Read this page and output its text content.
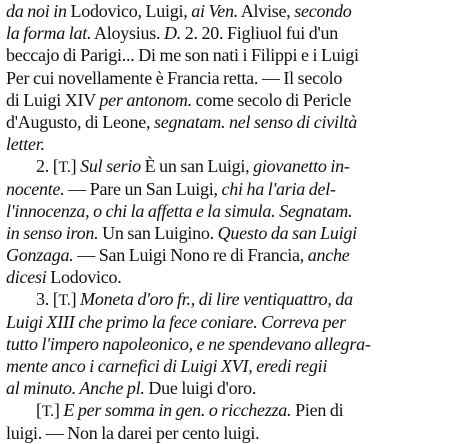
da noi in Lodovico, Luigi, ai Ven. Alvise, secondo
la forma lat. Aloysius. D. 2. 20. Figliuol fui d'un
beccajo di Parigi... Di me son nati i Filippi e i Luigi
Per cui novellamente è Francia retta. — Il secolo
di Luigi XIV per antonom. come secolo di Pericle
d'Augusto, di Leone, segnatam. nel senso di civiltà
letter.
2. [T.] Sul serio È un san Luigi, giovanetto in-
nocente. — Pare un San Luigi, chi ha l'aria del-
l'innocenza, o chi la affetta e la simula. Segnatam.
in senso iron. Un san Luigino. Questo da san Luigi
Gonzaga. — San Luigi Nono re di Francia, anche
dicesi Lodovico.
3. [T.] Moneta d'oro fr., di lire ventiquattro, da
Luigi XIII che primo la fece coniare. Correva per
tutto l'impero napoleonico, e ne spendevano allegra-
mente anco i carnefici di Luigi XVI, eredi regii
al minuto. Anche pl. Due luigi d'oro.
[T.] E per somma in gen. o ricchezza. Pien di
luigi. — Non la darei per cento luigi.
